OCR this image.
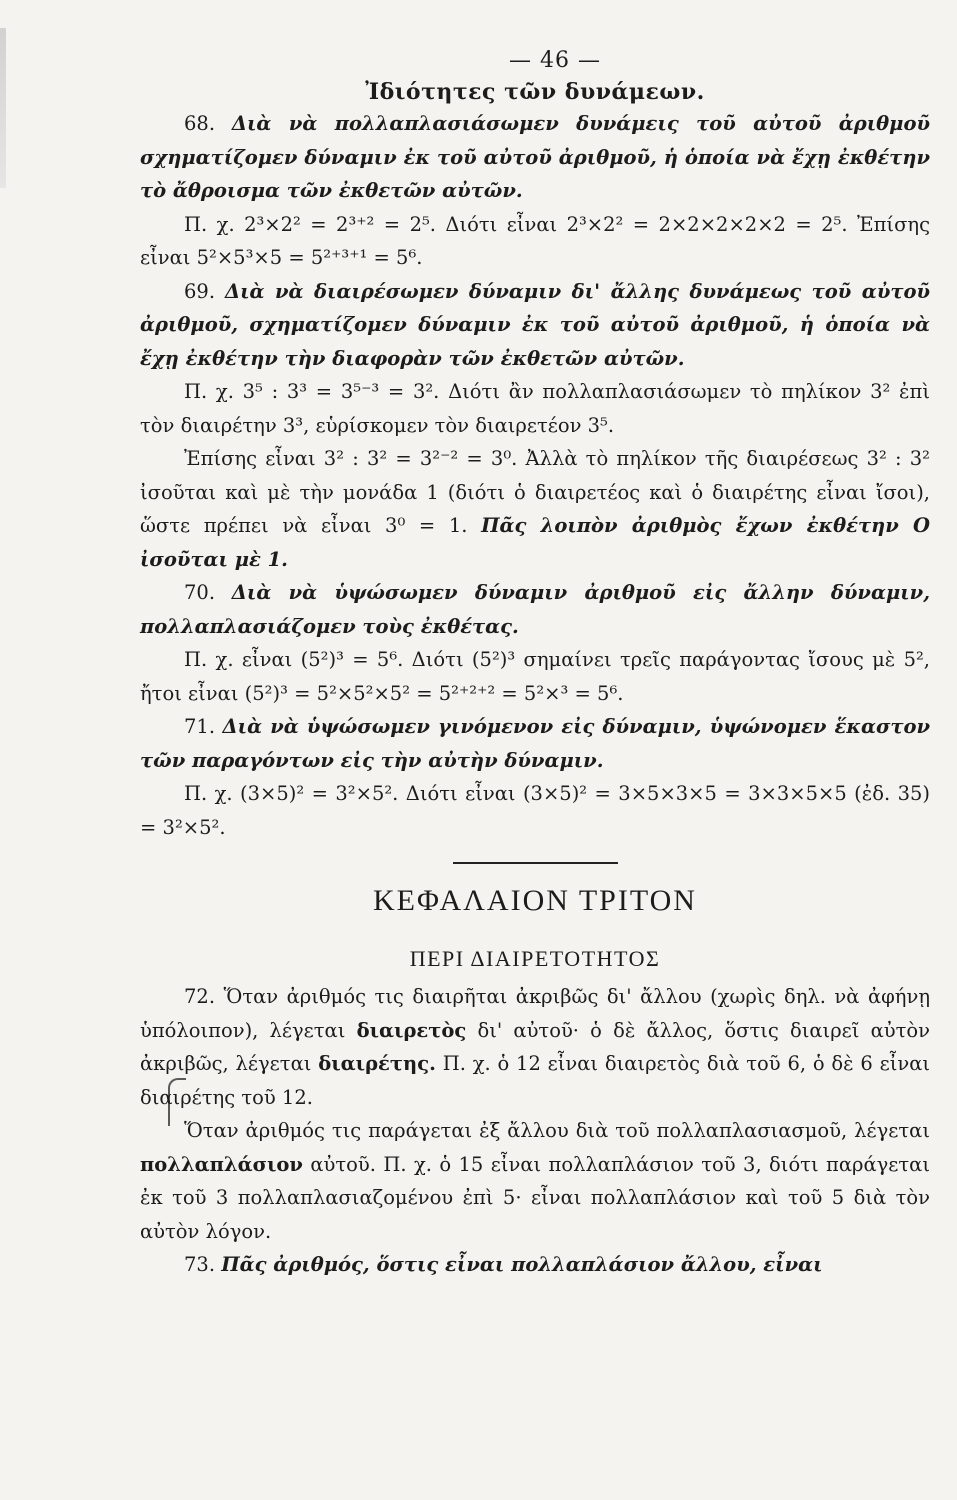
— 46 —
Ἰδιότητες τῶν δυνάμεων.

68. Διὰ νὰ πολλαπλασιάσωμεν δυνάμεις τοῦ αὐτοῦ ἀριθμοῦ σχηματίζομεν δύναμιν ἐκ τοῦ αὐτοῦ ἀριθμοῦ, ἡ ὁποία νὰ ἔχῃ ἐκθέτην τὸ ἄθροισμα τῶν ἐκθετῶν αὐτῶν.

Π. χ. 2³×2² = 2³⁺² = 2⁵. Διότι εἶναι 2³×2² = 2×2×2×2×2 = 2⁵. Ἐπίσης εἶναι 5²×5³×5 = 5²⁺³⁺¹ = 5⁶.

69. Διὰ νὰ διαιρέσωμεν δύναμιν δι' ἄλλης δυνάμεως τοῦ αὐτοῦ ἀριθμοῦ, σχηματίζομεν δύναμιν ἐκ τοῦ αὐτοῦ ἀριθμοῦ, ἡ ὁποία νὰ ἔχῃ ἐκθέτην τὴν διαφορὰν τῶν ἐκθετῶν αὐτῶν.

Π. χ. 3⁵ : 3³ = 3⁵⁻³ = 3². Διότι ἂν πολλαπλασιάσωμεν τὸ πηλίκον 3² ἐπὶ τὸν διαιρέτην 3³, εὑρίσκομεν τὸν διαιρετέον 3⁵.

Ἐπίσης εἶναι 3² : 3² = 3²⁻² = 3⁰. Ἀλλὰ τὸ πηλίκον τῆς διαιρέσεως 3² : 3² ἰσοῦται καὶ μὲ τὴν μονάδα 1 (διότι ὁ διαιρετέος καὶ ὁ διαιρέτης εἶναι ἴσοι), ὥστε πρέπει νὰ εἶναι 3⁰ = 1. Πᾶς λοιπὸν ἀριθμὸς ἔχων ἐκθέτην Ο ἰσοῦται μὲ 1.

70. Διὰ νὰ ὑψώσωμεν δύναμιν ἀριθμοῦ εἰς ἄλλην δύναμιν, πολλαπλασιάζομεν τοὺς ἐκθέτας.

Π. χ. εἶναι (5²)³ = 5⁶. Διότι (5²)³ σημαίνει τρεῖς παράγοντας ἴσους μὲ 5², ἤτοι εἶναι (5²)³ = 5²×5²×5² = 5²⁺²⁺² = 5²×³ = 5⁶.

71. Διὰ νὰ ὑψώσωμεν γινόμενον εἰς δύναμιν, ὑψώνομεν ἕκαστον τῶν παραγόντων εἰς τὴν αὐτὴν δύναμιν.

Π. χ. (3×5)² = 3²×5². Διότι εἶναι (3×5)² = 3×5×3×5 = 3×3×5×5 (ἐδ. 35) = 3²×5².

ΚΕΦΑΛΑΙΟΝ ΤΡΙΤΟΝ
ΠΕΡΙ ΔΙΑΙΡΕΤΟΤΗΤΟΣ

72. Ὅταν ἀριθμός τις διαιρῆται ἀκριβῶς δι' ἄλλου (χωρὶς δηλ. νὰ ἀφήνῃ ὑπόλοιπον), λέγεται διαιρετὸς δι' αὐτοῦ· ὁ δὲ ἄλλος, ὅστις διαιρεῖ αὐτὸν ἀκριβῶς, λέγεται διαιρέτης. Π. χ. ὁ 12 εἶναι διαιρετὸς διὰ τοῦ 6, ὁ δὲ 6 εἶναι διαιρέτης τοῦ 12.

Ὅταν ἀριθμός τις παράγεται ἐξ ἄλλου διὰ τοῦ πολλαπλασιασμοῦ, λέγεται πολλαπλάσιον αὐτοῦ. Π. χ. ὁ 15 εἶναι πολλαπλάσιον τοῦ 3, διότι παράγεται ἐκ τοῦ 3 πολλαπλασιαζομένου ἐπὶ 5· εἶναι πολλαπλάσιον καὶ τοῦ 5 διὰ τὸν αὐτὸν λόγον.

73. Πᾶς ἀριθμός, ὅστις εἶναι πολλαπλάσιον ἄλλου, εἶναι
